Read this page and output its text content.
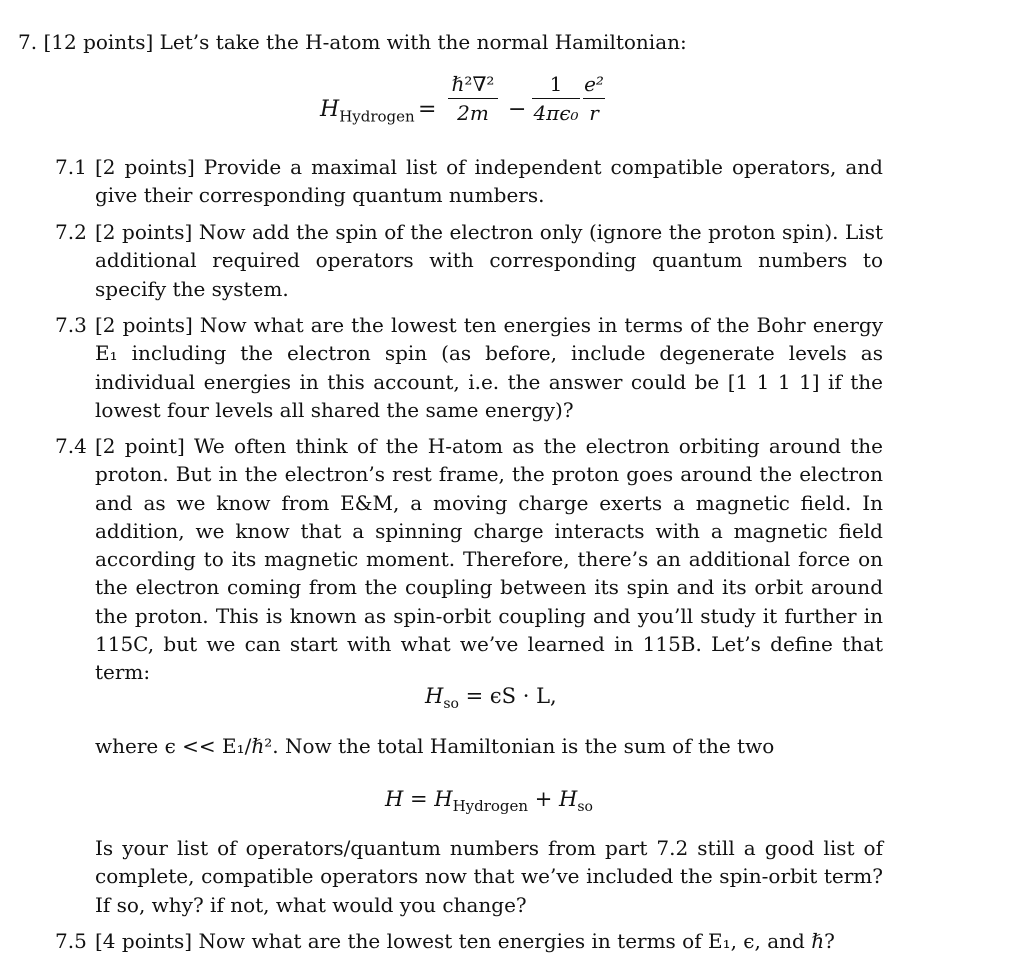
7. [12 points] Let’s take the H-atom with the normal Hamiltonian:
$H_{Hydrogen}$ =
ℏ²∇²
2m −
1
4πϵ₀
e²
r
7.1 [2 points] Provide a maximal list of independent compatible operators, and give their corresponding quantum numbers.
7.2 [2 points] Now add the spin of the electron only (ignore the proton spin). List additional required operators with corresponding quantum numbers to specify the system.
7.3 [2 points] Now what are the lowest ten energies in terms of the Bohr energy E₁ including the electron spin (as before, include degenerate levels as individual energies in this account, i.e. the answer could be [1 1 1 1] if the lowest four levels all shared the same energy)?
7.4 [2 point] We often think of the H-atom as the electron orbiting around the proton. But in the electron’s rest frame, the proton goes around the electron and as we know from E&M, a moving charge exerts a magnetic field. In addition, we know that a spinning charge interacts with a magnetic field according to its magnetic moment. Therefore, there’s an additional force on the electron coming from the coupling between its spin and its orbit around the proton. This is known as spin-orbit coupling and you’ll study it further in 115C, but we can start with what we’ve learned in 115B. Let’s define that term:
$H_{so} = \epsilon S \cdot L$,
where ϵ << E₁/ℏ². Now the total Hamiltonian is the sum of the two
$H = H_{Hydrogen} + H_{so}$
Is your list of operators/quantum numbers from part 7.2 still a good list of complete, compatible operators now that we’ve included the spin-orbit term? If so, why? if not, what would you change?
7.5 [4 points] Now what are the lowest ten energies in terms of E₁, ϵ, and ℏ?
